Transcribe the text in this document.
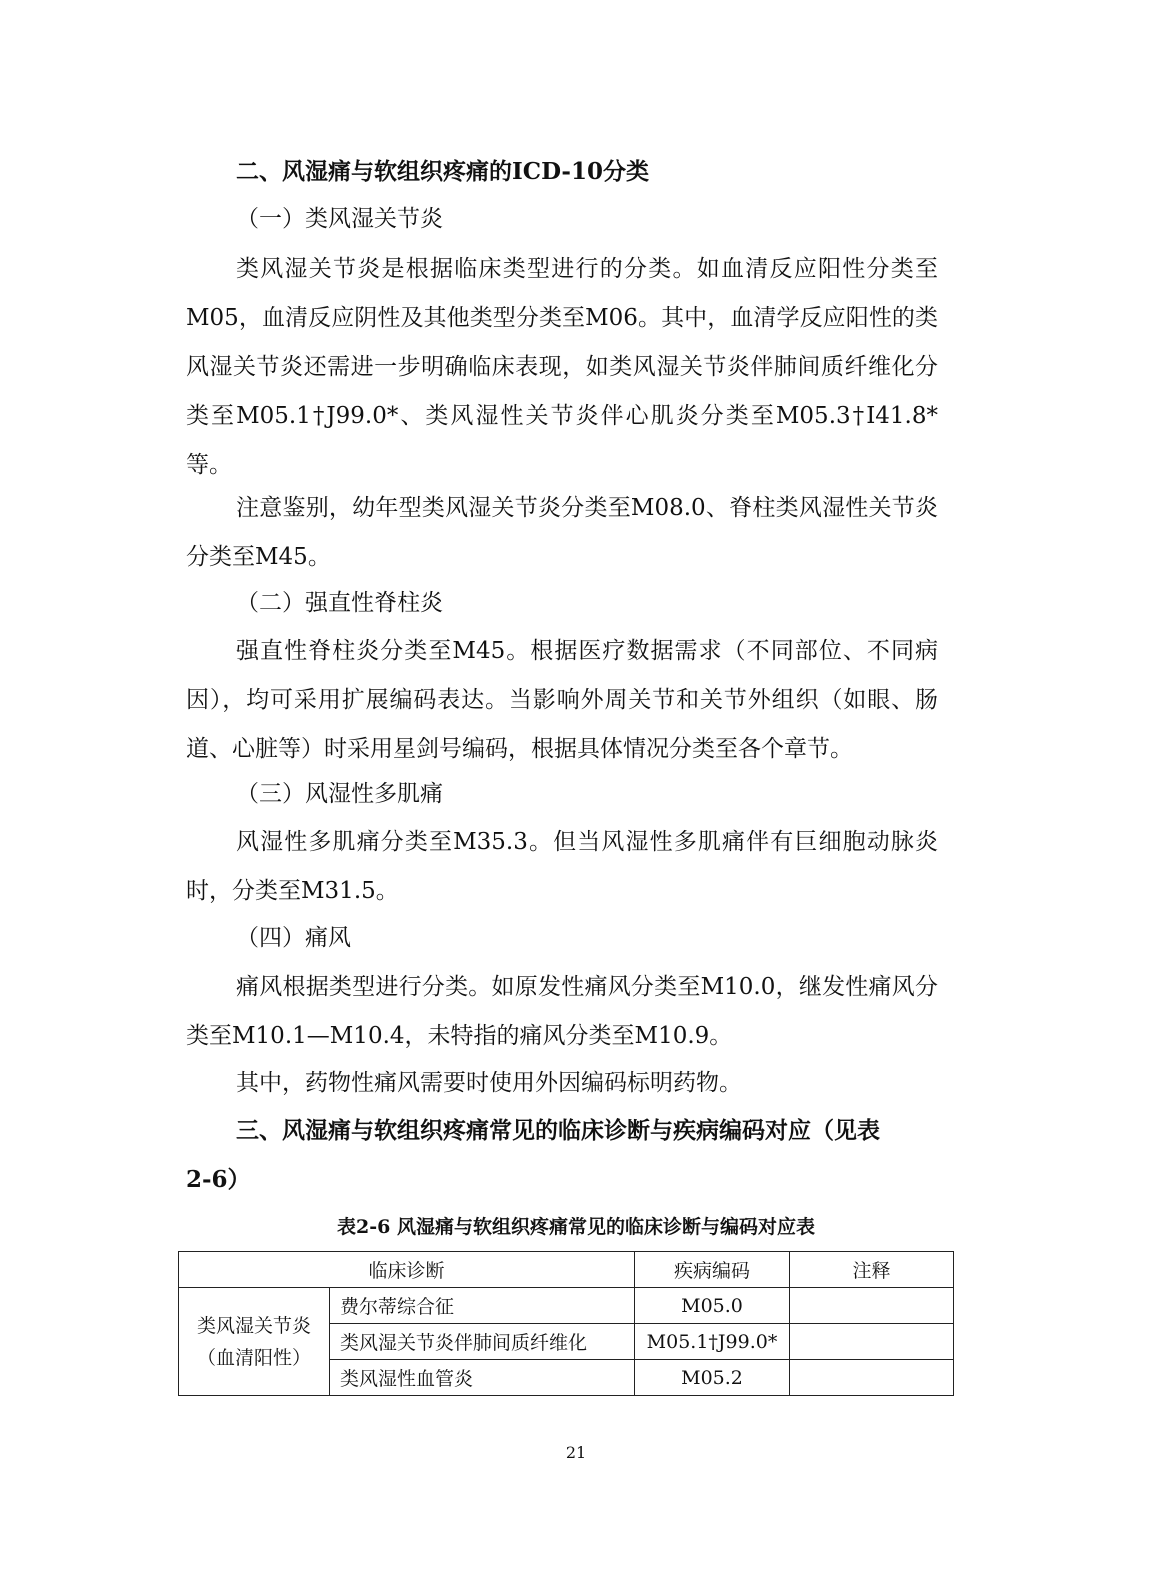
二、风湿痛与软组织疼痛的ICD-10分类
（一）类风湿关节炎

类风湿关节炎是根据临床类型进行的分类。如血清反应阳性分类至M05，血清反应阴性及其他类型分类至M06。其中，血清学反应阳性的类风湿关节炎还需进一步明确临床表现，如类风湿关节炎伴肺间质纤维化分类至M05.1†J99.0*、类风湿性关节炎伴心肌炎分类至M05.3†I41.8*等。

注意鉴别，幼年型类风湿关节炎分类至M08.0、脊柱类风湿性关节炎分类至M45。

（二）强直性脊柱炎

强直性脊柱炎分类至M45。根据医疗数据需求（不同部位、不同病因），均可采用扩展编码表达。当影响外周关节和关节外组织（如眼、肠道、心脏等）时采用星剑号编码，根据具体情况分类至各个章节。

（三）风湿性多肌痛

风湿性多肌痛分类至M35.3。但当风湿性多肌痛伴有巨细胞动脉炎时，分类至M31.5。

（四）痛风

痛风根据类型进行分类。如原发性痛风分类至M10.0，继发性痛风分类至M10.1—M10.4，未特指的痛风分类至M10.9。

其中，药物性痛风需要时使用外因编码标明药物。

三、风湿痛与软组织疼痛常见的临床诊断与疾病编码对应（见表
2-6）
表2-6 风湿痛与软组织疼痛常见的临床诊断与编码对应表
临床诊断		疾病编码	注释

类风湿关节炎
（血清阳性）	费尔蒂综合征	M05.0	
	类风湿关节炎伴肺间质纤维化	M05.1†J99.0*	
	类风湿性血管炎	M05.2	
21
